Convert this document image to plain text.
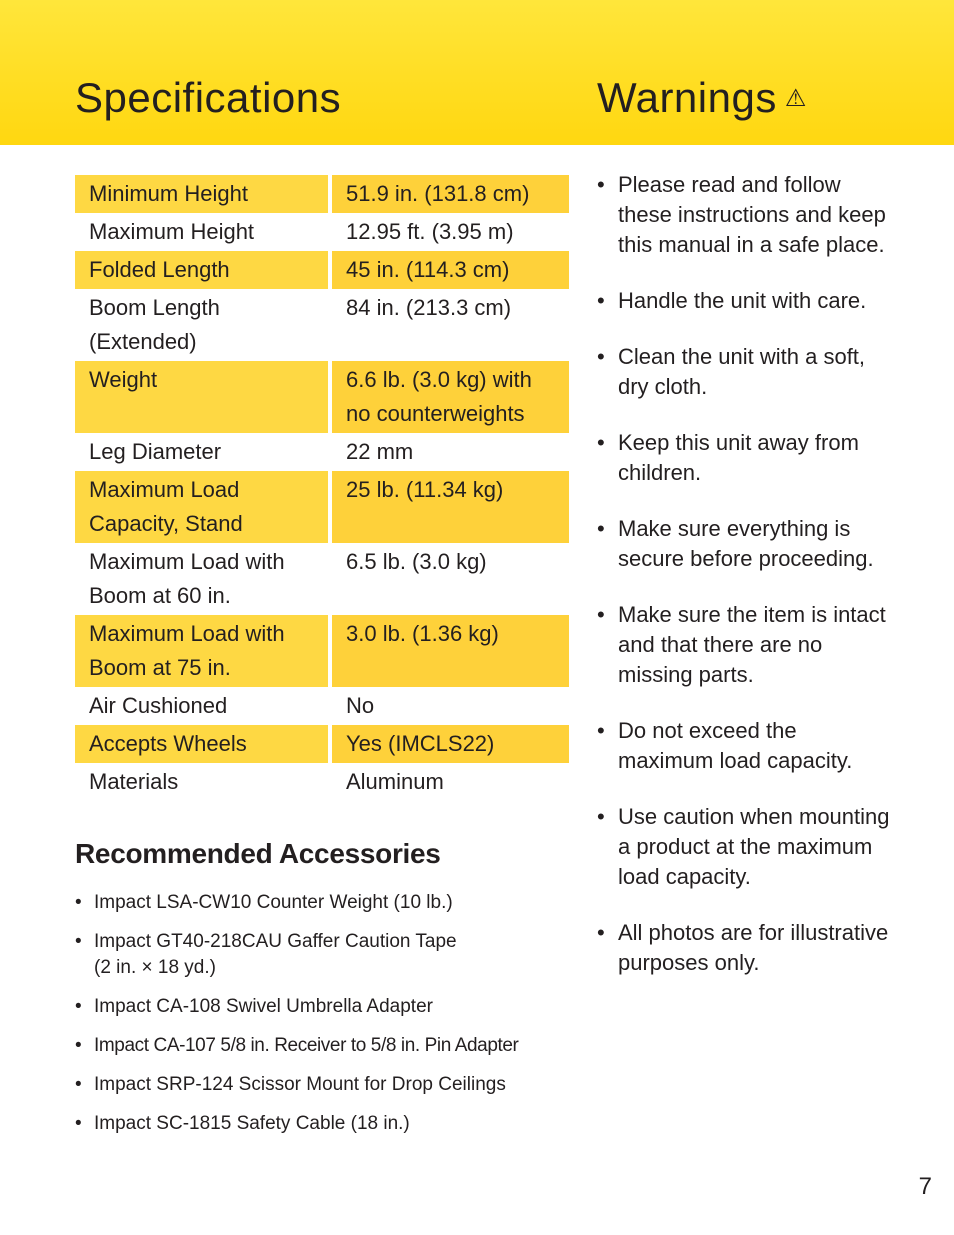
Specifications	Warnings ⚠
Minimum Height		51.9 in. (131.8 cm)
Maximum Height		12.95 ft. (3.95 m)
Folded Length		45 in. (114.3 cm)
Boom Length (Extended)		84 in. (213.3 cm)
Weight		6.6 lb. (3.0 kg) with no counterweights
Leg Diameter		22 mm
Maximum Load Capacity, Stand		25 lb. (11.34 kg)
Maximum Load with Boom at 60 in.		6.5 lb. (3.0 kg)
Maximum Load with Boom at 75 in.		3.0 lb. (1.36 kg)
Air Cushioned		No
Accepts Wheels		Yes (IMCLS22)
Materials		Aluminum
Recommended Accessories
• Impact LSA-CW10 Counter Weight (10 lb.)
• Impact GT40-218CAU Gaffer Caution Tape
(2 in. × 18 yd.)
• Impact CA-108 Swivel Umbrella Adapter
• Impact CA-107 5/8 in. Receiver to 5/8 in. Pin Adapter
• Impact SRP-124 Scissor Mount for Drop Ceilings
• Impact SC-1815 Safety Cable (18 in.)
• Please read and follow these instructions and keep this manual in a safe place.
• Handle the unit with care.
• Clean the unit with a soft, dry cloth.
• Keep this unit away from children.
• Make sure everything is secure before proceeding.
• Make sure the item is intact and that there are no missing parts.
• Do not exceed the maximum load capacity.
• Use caution when mounting a product at the maximum load capacity.
• All photos are for illustrative purposes only.
7
